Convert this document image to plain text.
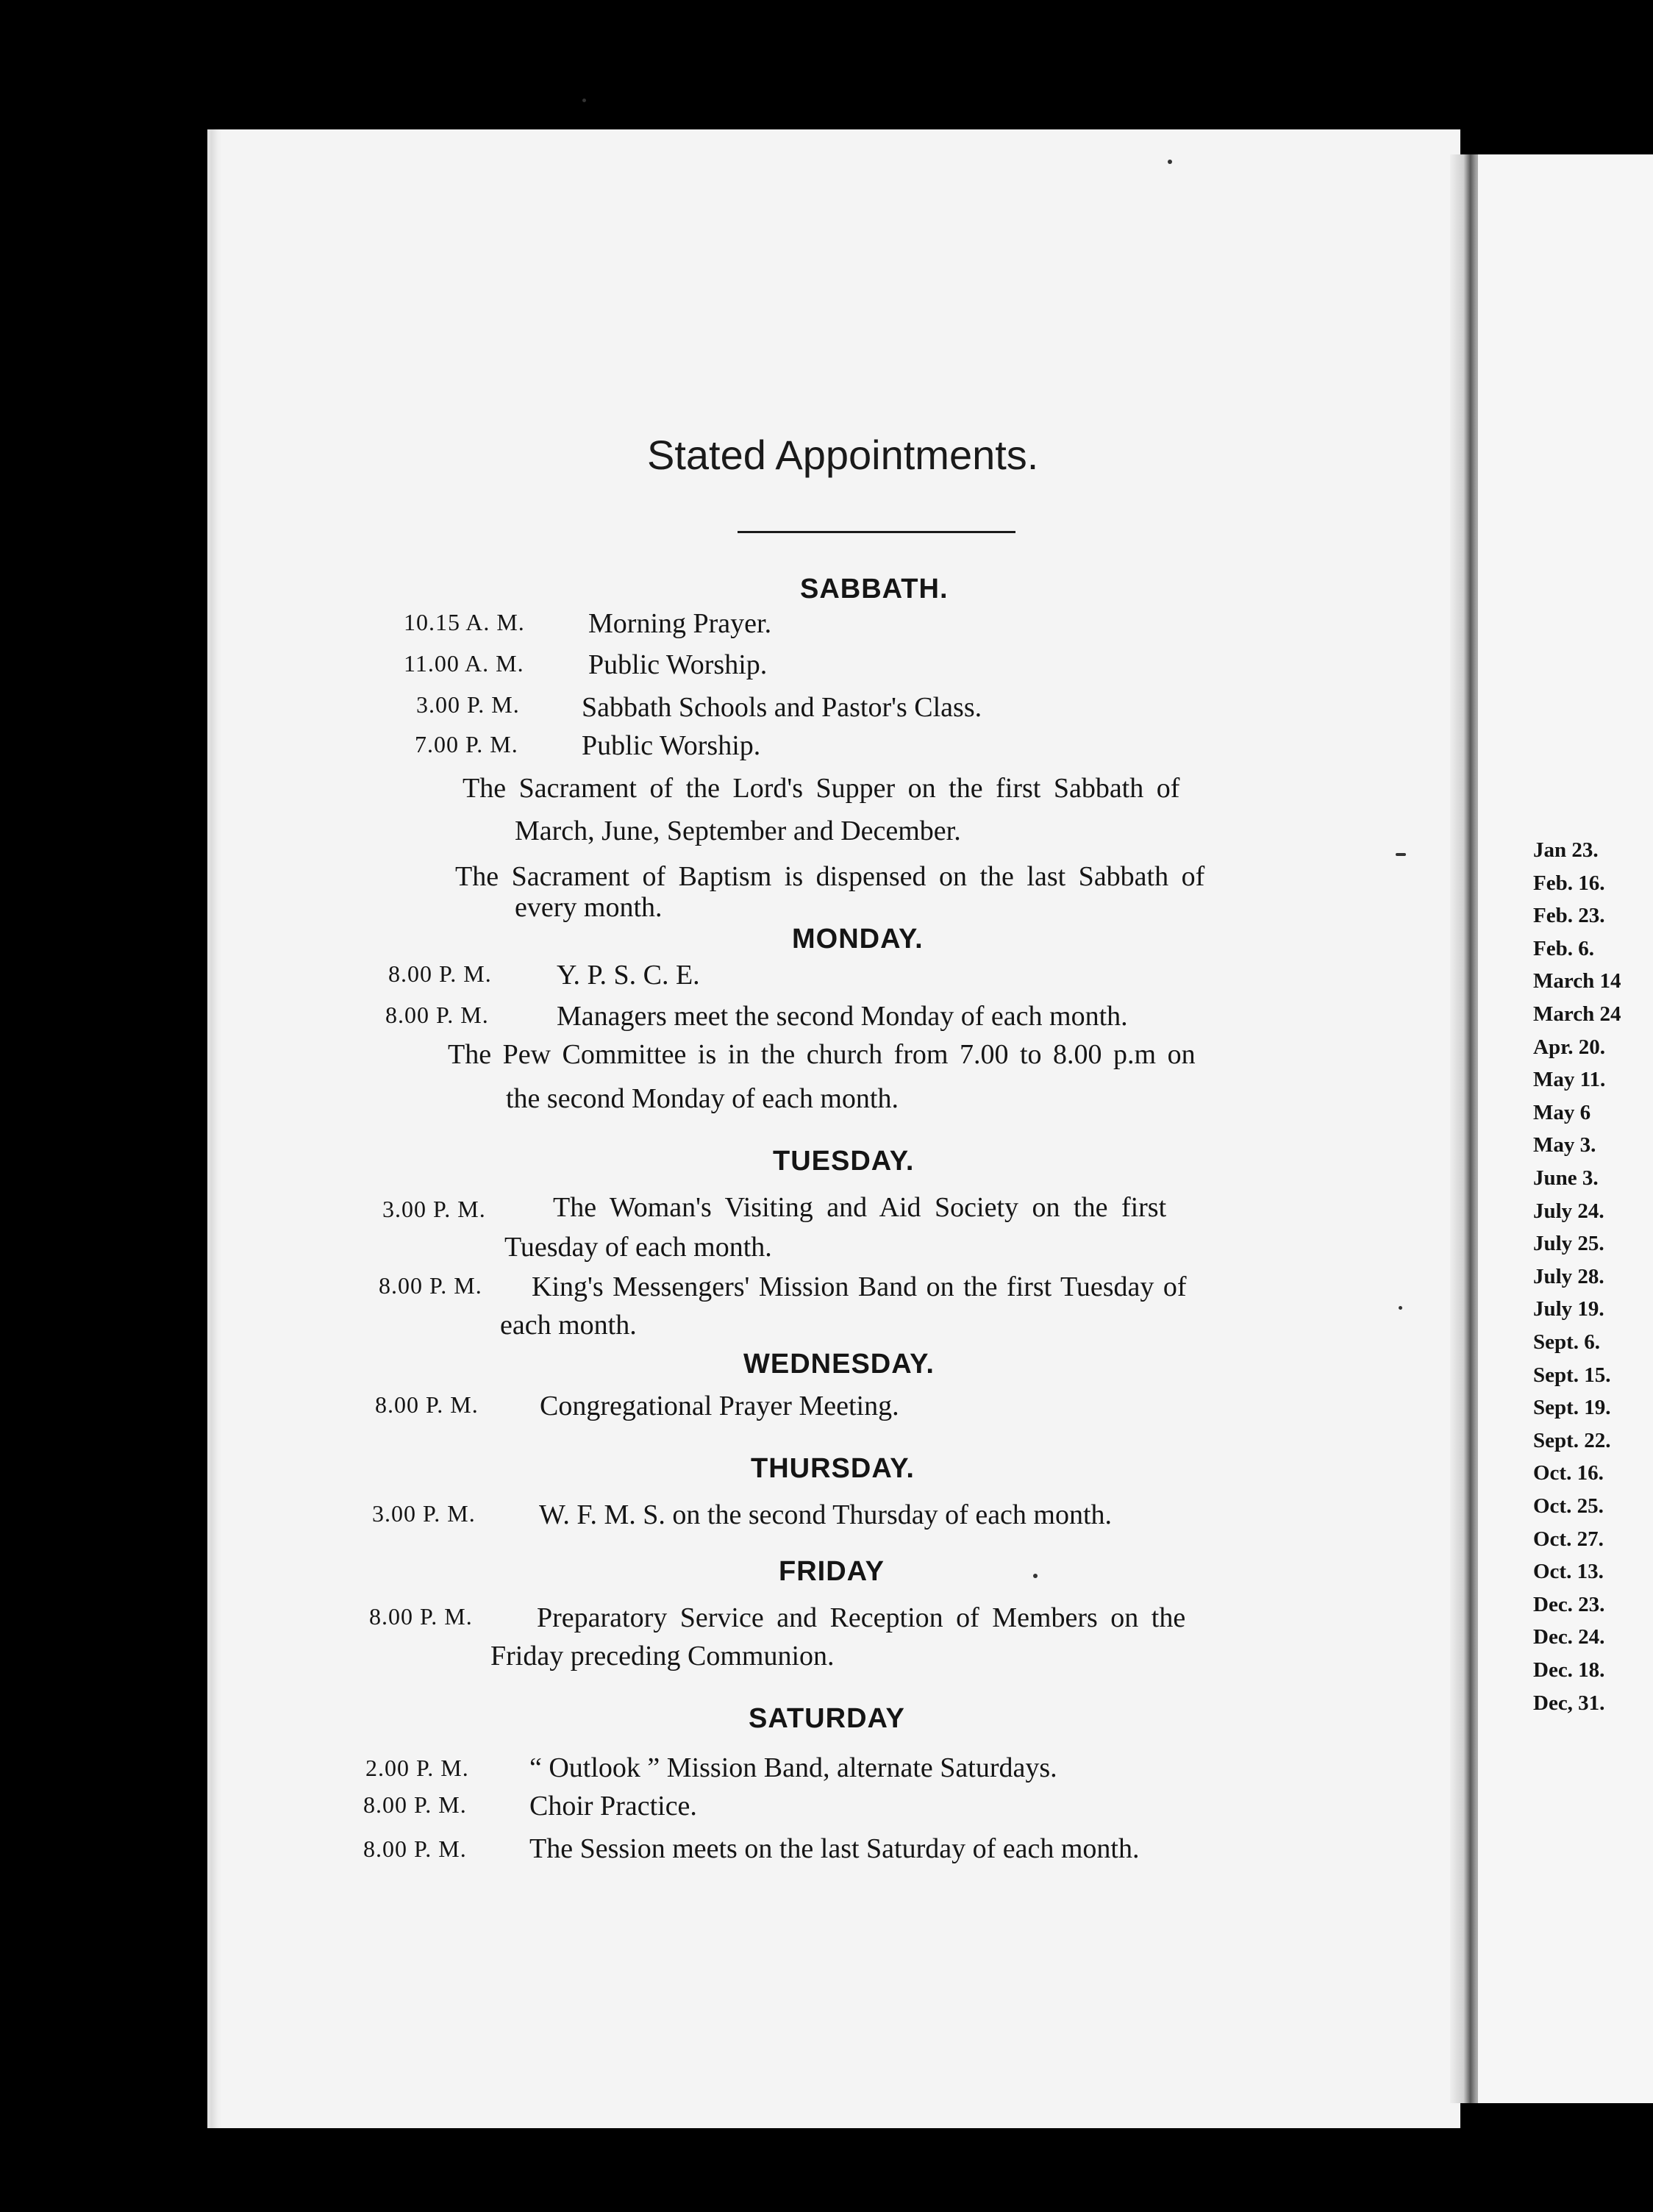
Stated Appointments.
SABBATH.
10.15 A. M. Morning Prayer.
11.00 A. M. Public Worship.
3.00 P. M. Sabbath Schools and Pastor's Class.
7.00 P. M. Public Worship.
The Sacrament of the Lord's Supper on the first Sabbath of
March, June, September and December.
The Sacrament of Baptism is dispensed on the last Sabbath of
every month.
MONDAY.
8.00 P. M. Y. P. S. C. E.
8.00 P. M. Managers meet the second Monday of each month.
The Pew Committee is in the church from 7.00 to 8.00 p.m on
the second Monday of each month.
TUESDAY.
3.00 P. M. The Woman's Visiting and Aid Society on the first
Tuesday of each month.
8.00 P. M. King's Messengers' Mission Band on the first Tuesday of
each month.
WEDNESDAY.
8.00 P. M. Congregational Prayer Meeting.
THURSDAY.
3.00 P. M. W. F. M. S. on the second Thursday of each month.
FRIDAY
8.00 P. M. Preparatory Service and Reception of Members on the
Friday preceding Communion.
SATURDAY
2.00 P. M. “ Outlook ” Mission Band, alternate Saturdays.
8.00 P. M. Choir Practice.
8.00 P. M. The Session meets on the last Saturday of each month.
Jan 23.
Feb. 16.
Feb. 23.
Feb. 6.
March 14
March 24
Apr. 20.
May 11.
May 6
May 3.
June 3.
July 24.
July 25.
July 28.
July 19.
Sept. 6.
Sept. 15.
Sept. 19.
Sept. 22.
Oct. 16.
Oct. 25.
Oct. 27.
Oct. 13.
Dec. 23.
Dec. 24.
Dec. 18.
Dec, 31.
